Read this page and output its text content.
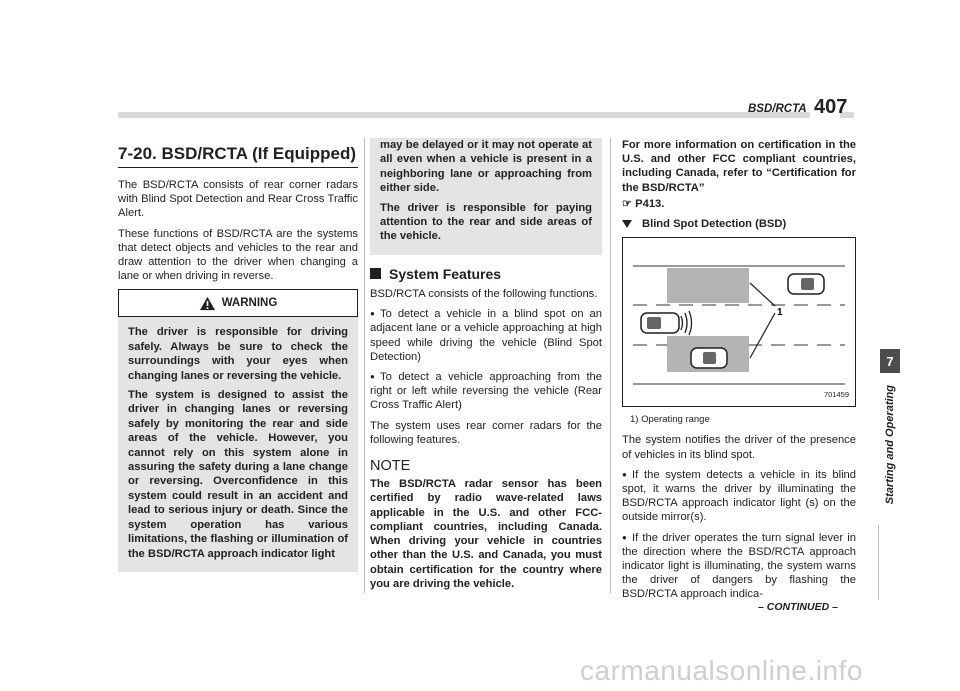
BSD/RCTA 407
7-20. BSD/RCTA (If Equipped)

The BSD/RCTA consists of rear corner radars with Blind Spot Detection and Rear Cross Traffic Alert.

These functions of BSD/RCTA are the systems that detect objects and vehicles to the rear and draw attention to the driver when changing a lane or when driving in reverse.

WARNING

The driver is responsible for driving safely. Always be sure to check the surroundings with your eyes when changing lanes or reversing the vehicle.

The system is designed to assist the driver in changing lanes or reversing safely by monitoring the rear and side areas of the vehicle. However, you cannot rely on this system alone in assuring the safety during a lane change or reversing. Overconfidence in this system could result in an accident and lead to serious injury or death. Since the system operation has various limitations, the flashing or illumination of the BSD/RCTA approach indicator light

may be delayed or it may not operate at all even when a vehicle is present in a neighboring lane or approaching from either side.

The driver is responsible for paying attention to the rear and side areas of the vehicle.

System Features

BSD/RCTA consists of the following functions.

● To detect a vehicle in a blind spot on an adjacent lane or a vehicle approaching at high speed while driving the vehicle (Blind Spot Detection)

● To detect a vehicle approaching from the right or left while reversing the vehicle (Rear Cross Traffic Alert)

The system uses rear corner radars for the following features.

NOTE

The BSD/RCTA radar sensor has been certified by radio wave-related laws applicable in the U.S. and other FCC-compliant countries, including Canada. When driving your vehicle in countries other than the U.S. and Canada, you must obtain certification for the country where you are driving the vehicle.

For more information on certification in the U.S. and other FCC compliant countries, including Canada, refer to “Certification for the BSD/RCTA”

☞ P413.

Blind Spot Detection (BSD)
1
701459
1) Operating range

The system notifies the driver of the presence of vehicles in its blind spot.

● If the system detects a vehicle in its blind spot, it warns the driver by illuminating the BSD/RCTA approach indicator light (s) on the outside mirror(s).

● If the driver operates the turn signal lever in the direction where the BSD/RCTA approach indicator light is illuminating, the system warns the driver of dangers by flashing the BSD/RCTA approach indica-

7
Starting and Operating
– CONTINUED –
carmanualsonline.info
